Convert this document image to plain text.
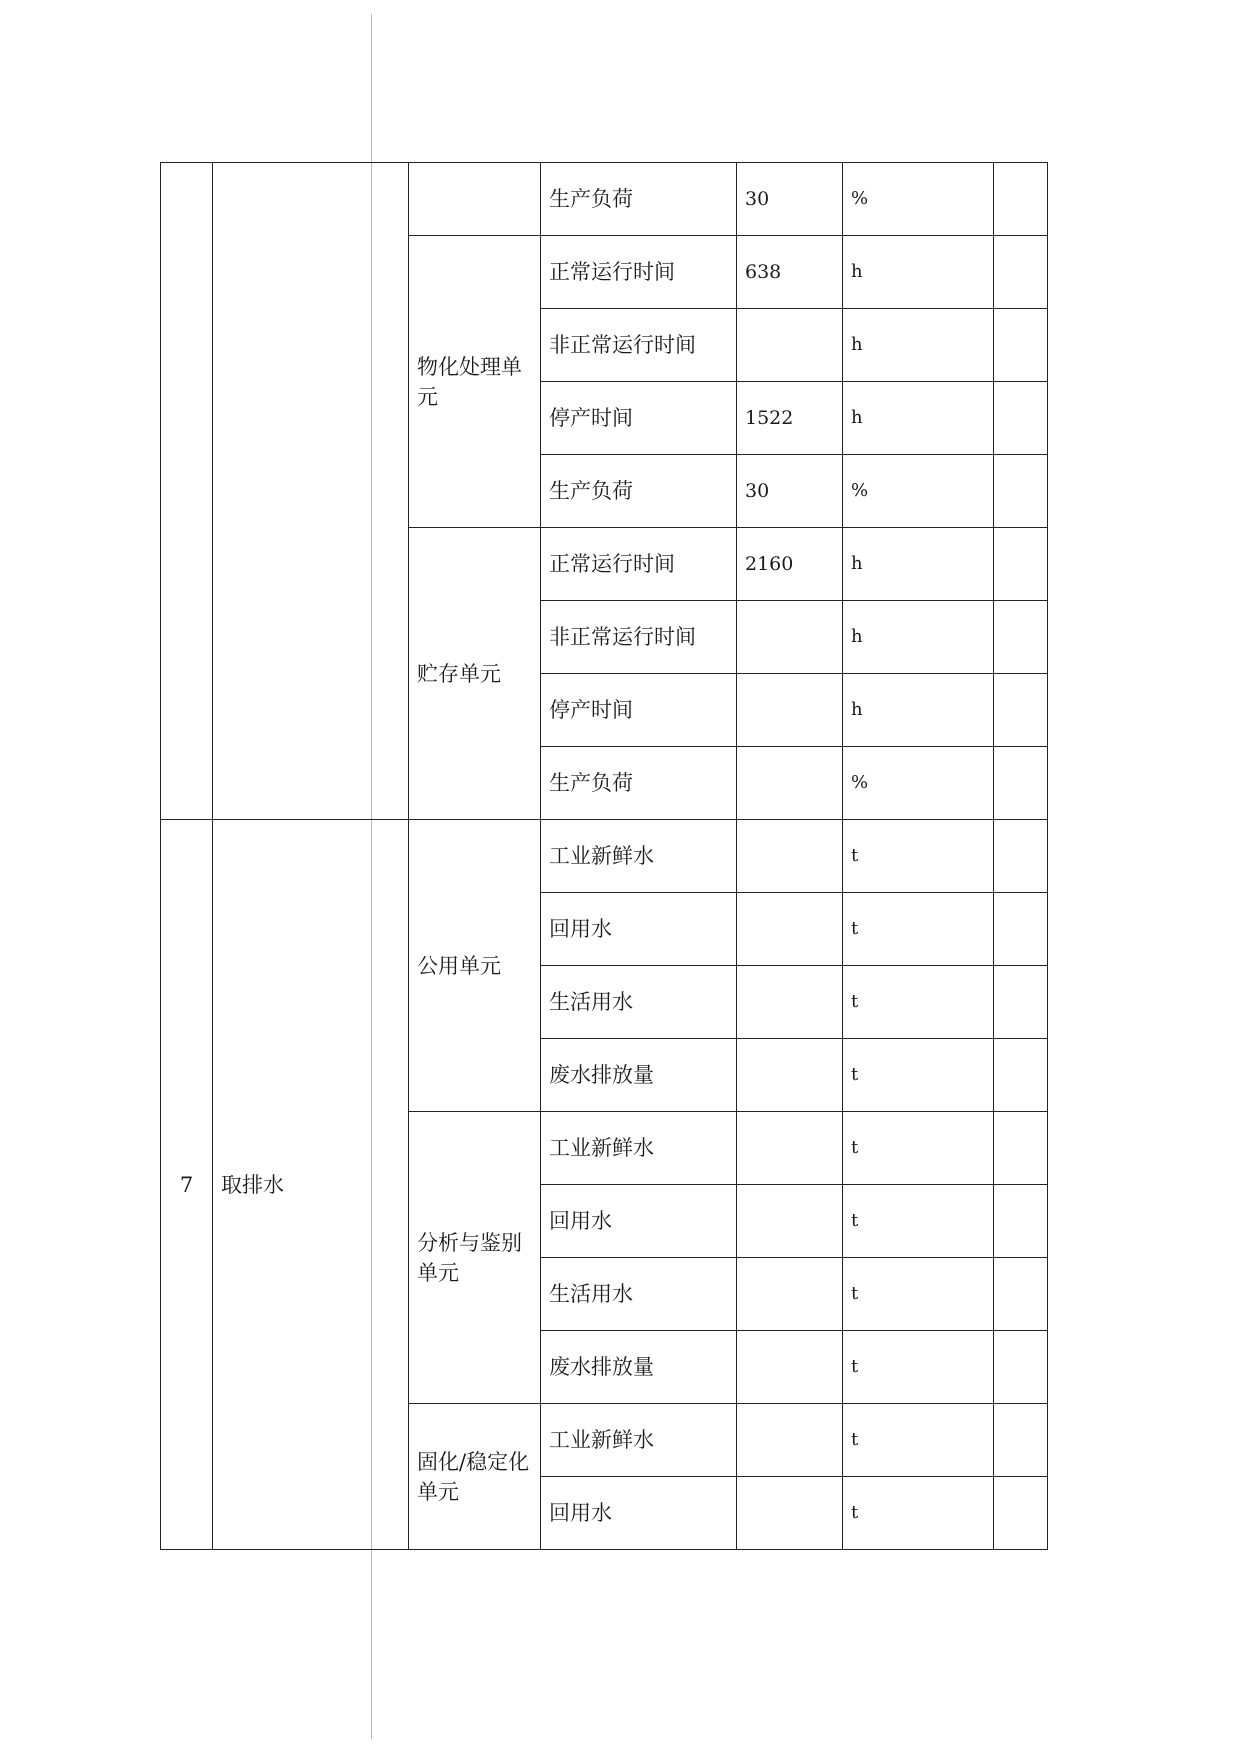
			生产负荷	30	%	
		物化处理单元	正常运行时间	638	h	
			非正常运行时间		h	
			停产时间	1522	h	
			生产负荷	30	%	
		贮存单元	正常运行时间	2160	h	
			非正常运行时间		h	
			停产时间		h	
			生产负荷		%	
7	取排水	公用单元	工业新鲜水		t	
			回用水		t	
			生活用水		t	
			废水排放量		t	
		分析与鉴别单元	工业新鲜水		t	
			回用水		t	
			生活用水		t	
			废水排放量		t	
		固化/稳定化单元	工业新鲜水		t	
			回用水		t	
